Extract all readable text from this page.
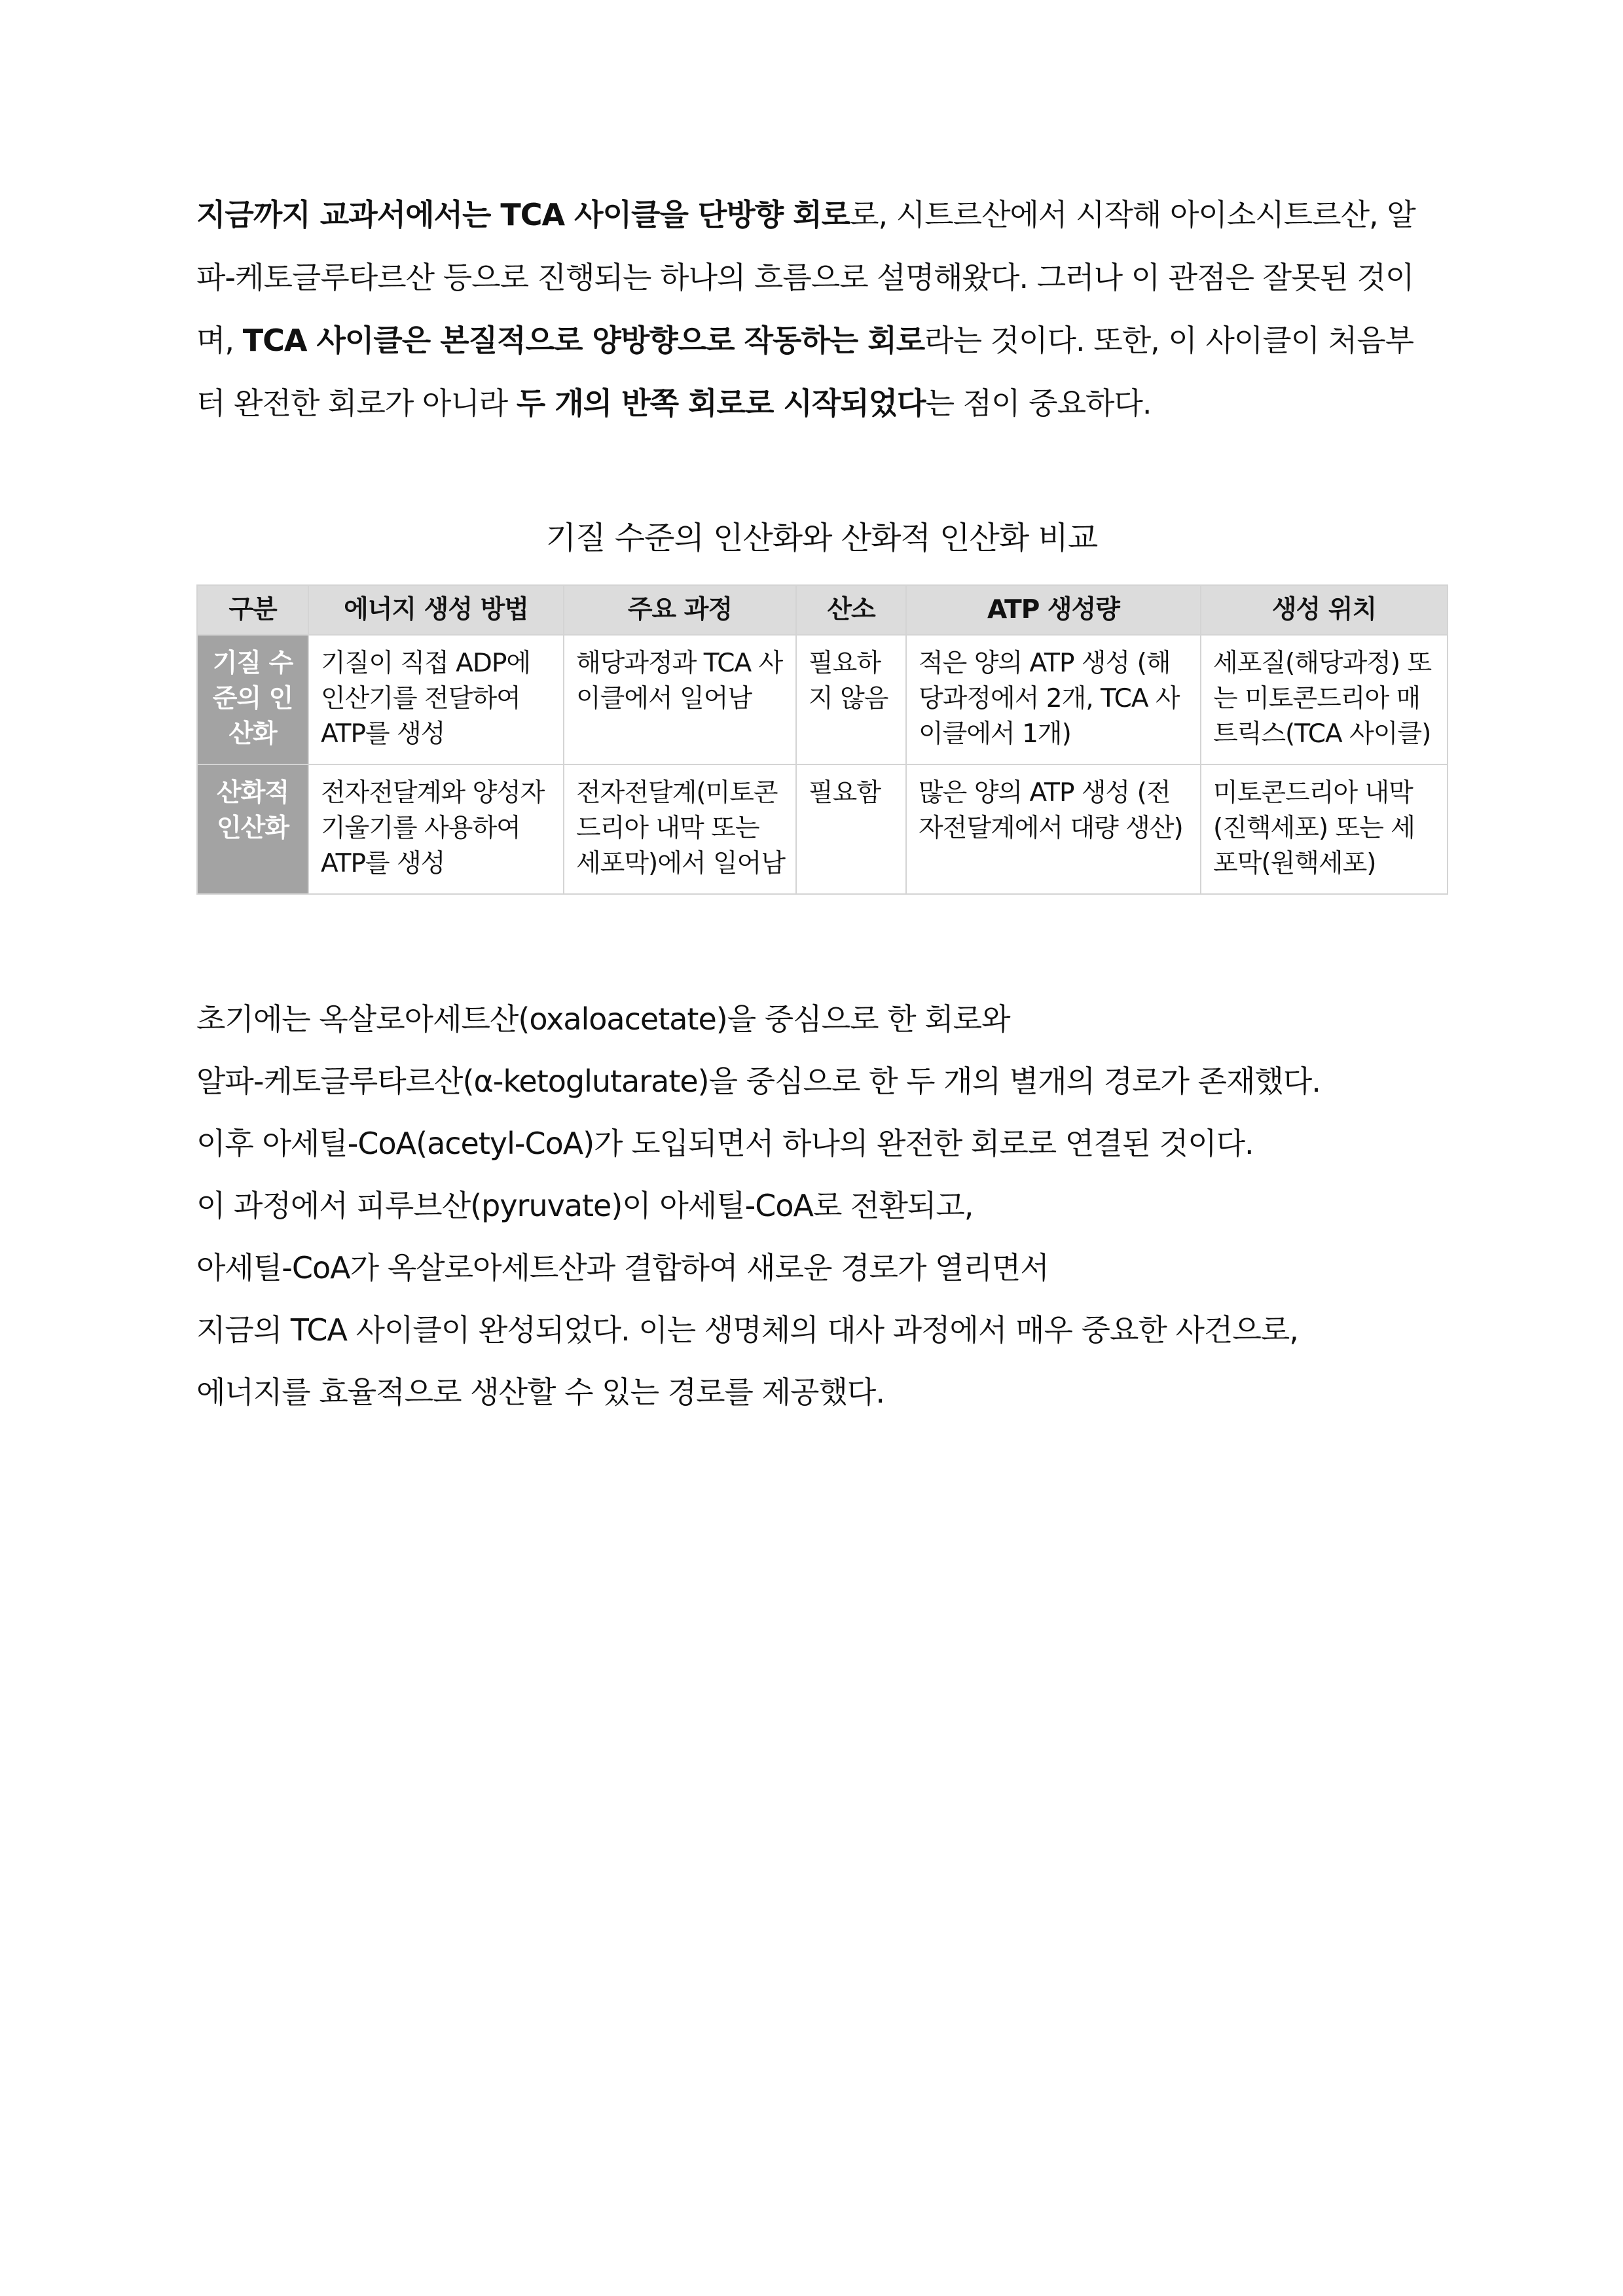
지금까지 교과서에서는 TCA 사이클을 단방향 회로로, 시트르산에서 시작해 아이소시트르산, 알
파-케토글루타르산 등으로 진행되는 하나의 흐름으로 설명해왔다. 그러나 이 관점은 잘못된 것이
며, TCA 사이클은 본질적으로 양방향으로 작동하는 회로라는 것이다. 또한, 이 사이클이 처음부
터 완전한 회로가 아니라 두 개의 반쪽 회로로 시작되었다는 점이 중요하다.

기질 수준의 인산화와 산화적 인산화 비교
구분	에너지 생성 방법	주요 과정	산소	ATP 생성량	생성 위치
기질 수준의 인산화	기질이 직접 ADP에 인산기를 전달하여 ATP를 생성	해당과정과 TCA 사이클에서 일어남	필요하지 않음	적은 양의 ATP 생성 (해당과정에서 2개, TCA 사이클에서 1개)	세포질(해당과정) 또는 미토콘드리아 매트릭스(TCA 사이클)
산화적 인산화	전자전달계와 양성자 기울기를 사용하여 ATP를 생성	전자전달계(미토콘드리아 내막 또는 세포막)에서 일어남	필요함	많은 양의 ATP 생성 (전자전달계에서 대량 생산)	미토콘드리아 내막(진핵세포) 또는 세포막(원핵세포)

초기에는 옥살로아세트산(oxaloacetate)을 중심으로 한 회로와
알파-케토글루타르산(α-ketoglutarate)을 중심으로 한 두 개의 별개의 경로가 존재했다.
이후 아세틸-CoA(acetyl-CoA)가 도입되면서 하나의 완전한 회로로 연결된 것이다.
이 과정에서 피루브산(pyruvate)이 아세틸-CoA로 전환되고,
아세틸-CoA가 옥살로아세트산과 결합하여 새로운 경로가 열리면서
지금의 TCA 사이클이 완성되었다. 이는 생명체의 대사 과정에서 매우 중요한 사건으로,
에너지를 효율적으로 생산할 수 있는 경로를 제공했다.
